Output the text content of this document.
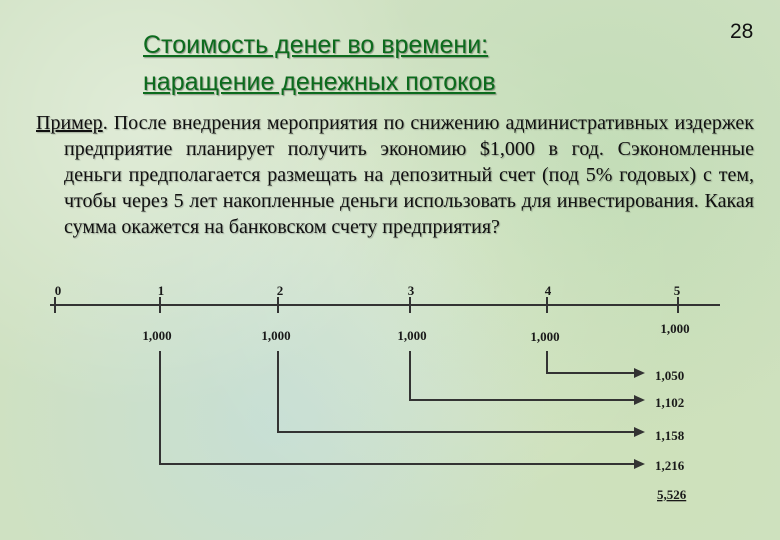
Стоимость денег во времени:
наращение денежных потоков
28

Пример. После внедрения мероприятия по снижению административных издержек предприятие планирует получить экономию $1,000 в год. Сэкономленные деньги предполагается размещать на депозитный счет (под 5% годовых) с тем, чтобы через 5 лет накопленные деньги использовать для инвестирования. Какая сумма окажется на банковском счету предприятия?

0	1	2	3	4	5
1,000	1,000	1,000	1,000
1,000
1,050
1,102
1,158
1,216
5,526
